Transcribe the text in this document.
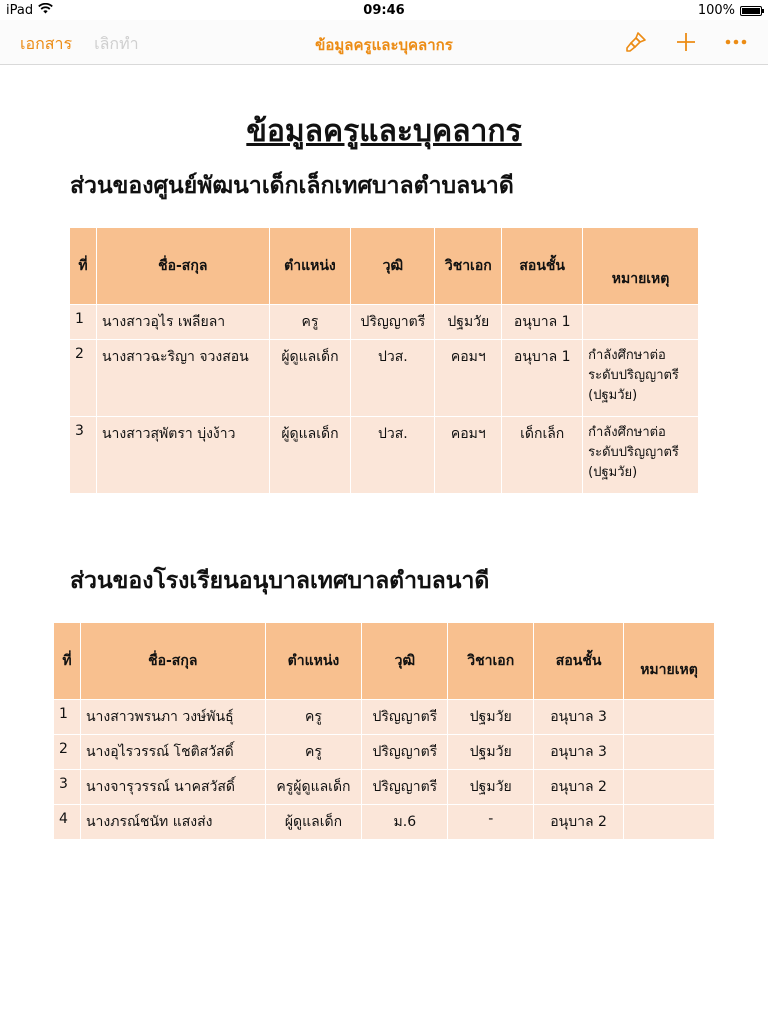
iPad	09:46	100%
เอกสาร เลิกทำ	ข้อมูลครูและบุคลากร
ข้อมูลครูและบุคลากร
ส่วนของศูนย์พัฒนาเด็กเล็กเทศบาลตำบลนาดี
ที่	ชื่อ-สกุล	ตำแหน่ง	วุฒิ	วิชาเอก	สอนชั้น	หมายเหตุ
1	นางสาวอุไร เพลียลา	ครู	ปริญญาตรี	ปฐมวัย	อนุบาล 1	
2	นางสาวฉะริญา จวงสอน	ผู้ดูแลเด็ก	ปวส.	คอมฯ	อนุบาล 1	กำลังศึกษาต่อระดับปริญญาตรี (ปฐมวัย)
3	นางสาวสุพัตรา บุ่งง้าว	ผู้ดูแลเด็ก	ปวส.	คอมฯ	เด็กเล็ก	กำลังศึกษาต่อระดับปริญญาตรี (ปฐมวัย)
ส่วนของโรงเรียนอนุบาลเทศบาลตำบลนาดี
ที่	ชื่อ-สกุล	ตำแหน่ง	วุฒิ	วิชาเอก	สอนชั้น	หมายเหตุ
1	นางสาวพรนภา วงษ์พันธุ์	ครู	ปริญญาตรี	ปฐมวัย	อนุบาล 3	
2	นางอุไรวรรณ์ โชติสวัสดิ์	ครู	ปริญญาตรี	ปฐมวัย	อนุบาล 3	
3	นางจารุวรรณ์ นาคสวัสดิ์	ครูผู้ดูแลเด็ก	ปริญญาตรี	ปฐมวัย	อนุบาล 2	
4	นางภรณ์ชนัท แสงส่ง	ผู้ดูแลเด็ก	ม.6	-	อนุบาล 2	
